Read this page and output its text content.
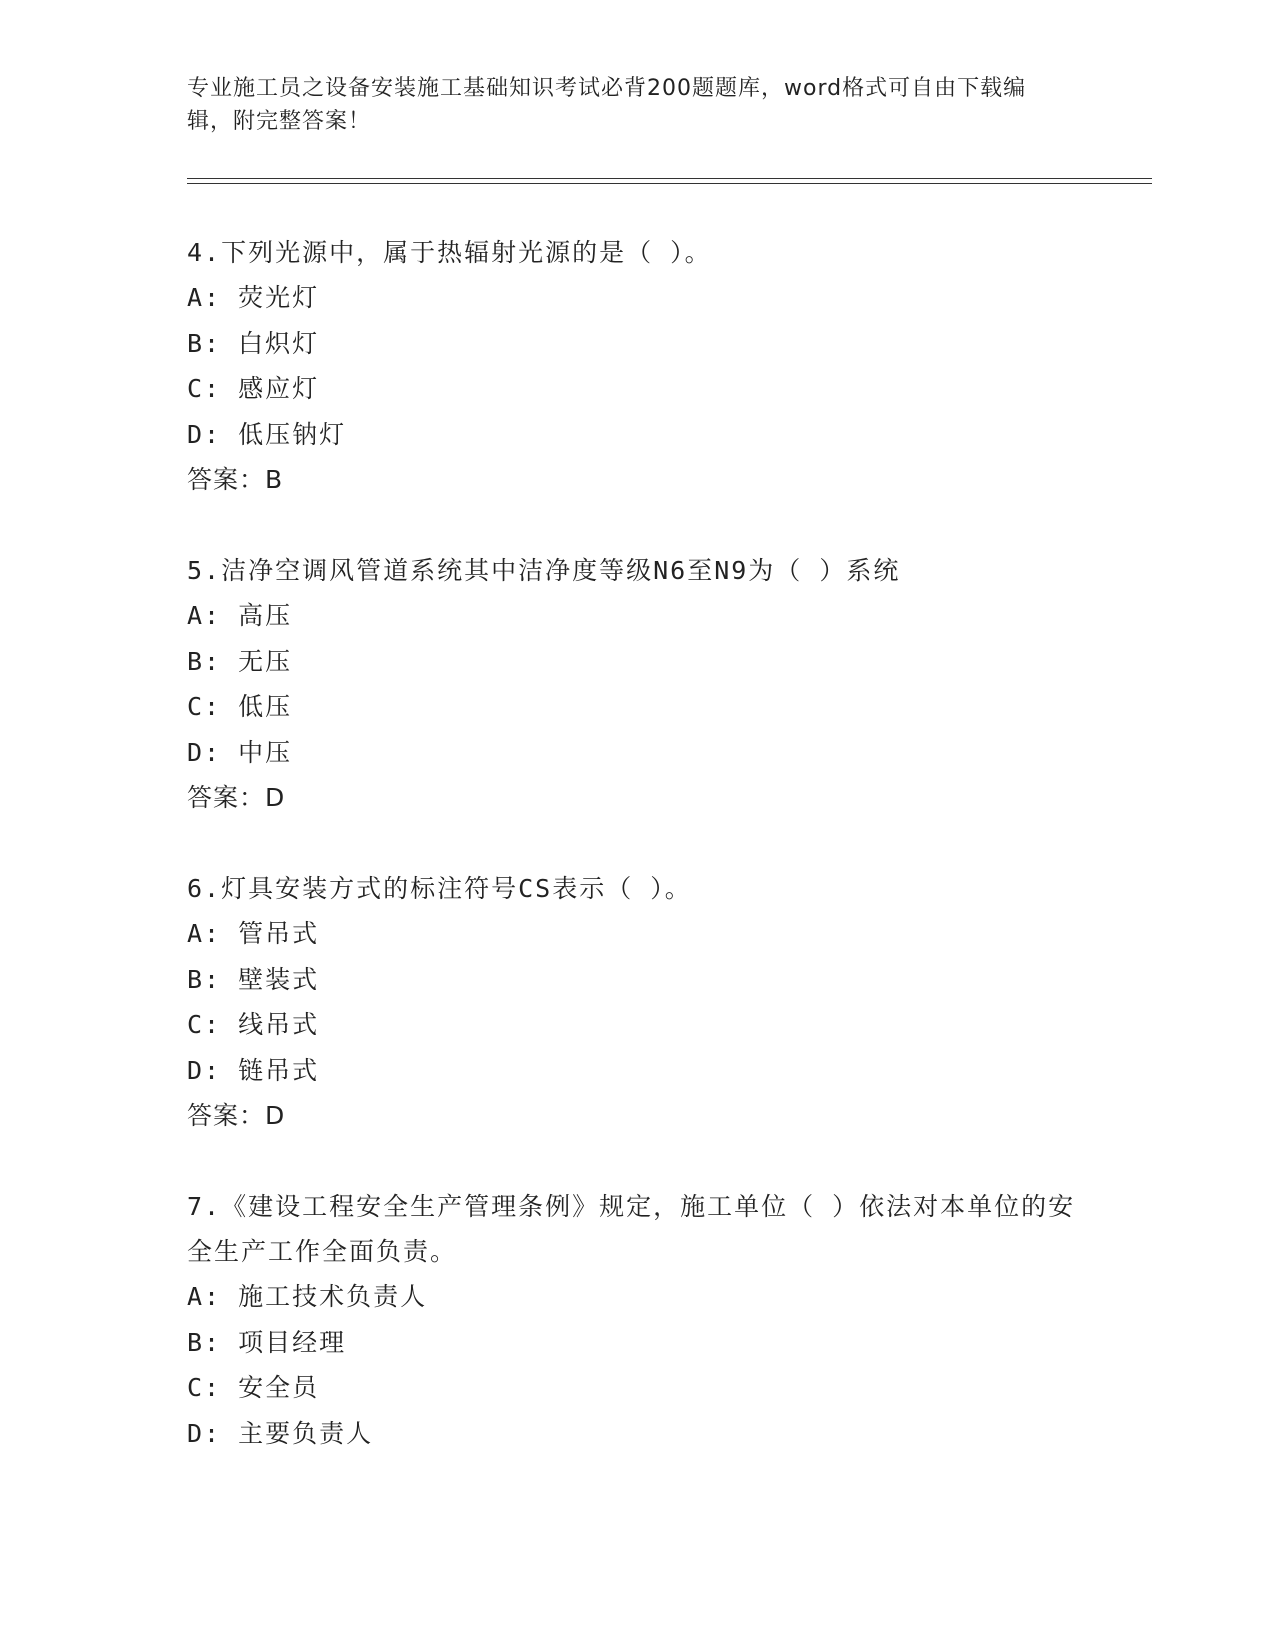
专业施工员之设备安装施工基础知识考试必背200题题库，word格式可自由下载编辑，附完整答案！

4.下列光源中，属于热辐射光源的是（ ）。

A: 荧光灯
B: 白炽灯
C: 感应灯
D: 低压钠灯
答案：B

5.洁净空调风管道系统其中洁净度等级N6至N9为（ ）系统

A: 高压
B: 无压
C: 低压
D: 中压
答案：D

6.灯具安装方式的标注符号CS表示（ ）。

A: 管吊式
B: 壁装式
C: 线吊式
D: 链吊式
答案：D

7.《建设工程安全生产管理条例》规定，施工单位（ ）依法对本单位的安全生产工作全面负责。

A: 施工技术负责人
B: 项目经理
C: 安全员
D: 主要负责人
